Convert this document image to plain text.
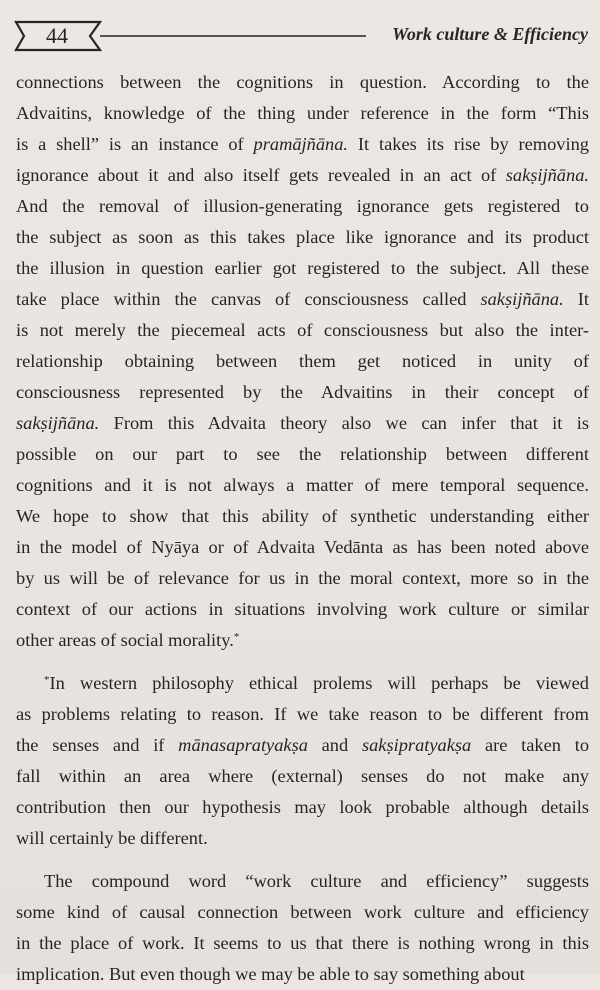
44	Work culture & Efficiency
connections between the cognitions in question. According to the
Advaitins, knowledge of the thing under reference in the form “This
is a shell” is an instance of pramājñāna. It takes its rise by removing
ignorance about it and also itself gets revealed in an act of sakṣijñāna.
And the removal of illusion-generating ignorance gets registered to
the subject as soon as this takes place like ignorance and its product
the illusion in question earlier got registered to the subject. All these
take place within the canvas of consciousness called sakṣijñāna. It
is not merely the piecemeal acts of consciousness but also the inter-
relationship obtaining between them get noticed in unity of
consciousness represented by the Advaitins in their concept of
sakṣijñāna. From this Advaita theory also we can infer that it is
possible on our part to see the relationship between different
cognitions and it is not always a matter of mere temporal sequence.
We hope to show that this ability of synthetic understanding either
in the model of Nyāya or of Advaita Vedānta as has been noted above
by us will be of relevance for us in the moral context, more so in the
context of our actions in situations involving work culture or similar
other areas of social morality.*
*In western philosophy ethical prolems will perhaps be viewed
as problems relating to reason. If we take reason to be different from
the senses and if mānasapratyakṣa and sakṣipratyakṣa are taken to
fall within an area where (external) senses do not make any
contribution then our hypothesis may look probable although details
will certainly be different.
The compound word “work culture and efficiency” suggests
some kind of causal connection between work culture and efficiency
in the place of work. It seems to us that there is nothing wrong in this
implication. But even though we may be able to say something about
